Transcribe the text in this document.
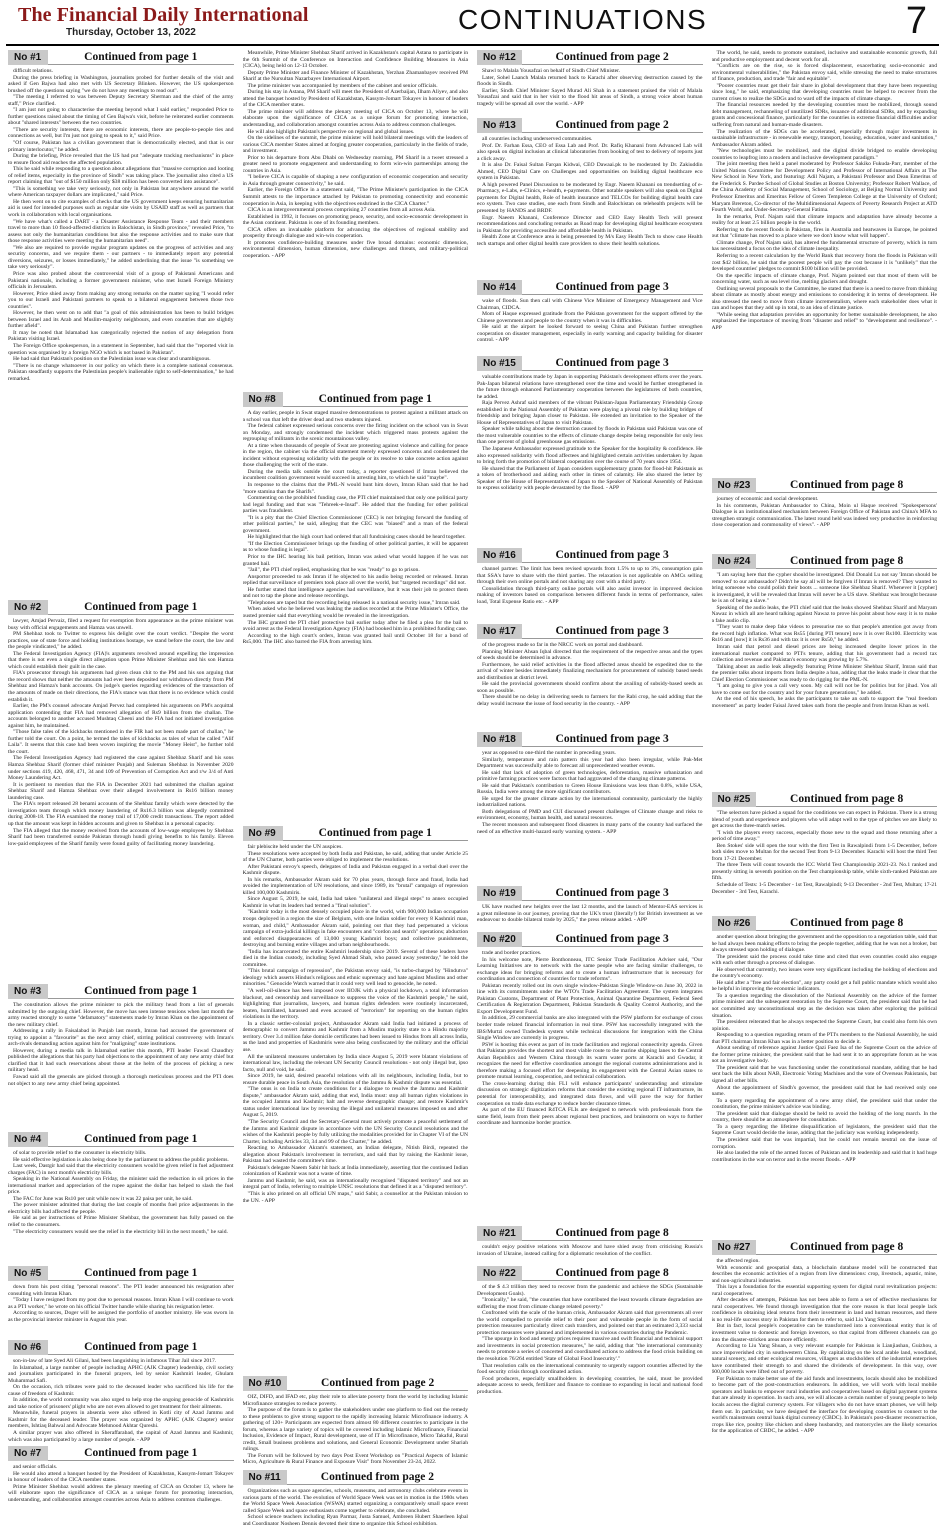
The Financial Daily International
Thursday, October 13, 2022	CONTINUATIONS	7
No #1	Continued from page 1

difficult relations.

During the press briefing in Washington, journalists probed for further details of the visit and asked if Gen Bajwa had also met with US Secretary Blinken. However, the US spokesperson brushed off the questions saying "we do not have any meetings to read out".

"The meeting I referred to was between Deputy Secretary Sherman and the chief of the army staff," Price clarified.

"I am just not going to characterise the meeting beyond what I said earlier," responded Price to further questions raised about the timing of Gen Bajwa's visit, before he reiterated earlier comments about "shared interests" between the two countries.

"There are security interests, there are economic interests, there are people-to-people ties and connections as well, but I'm just not going to speak to it," said Price.

"Of course, Pakistan has a civilian government that is democratically elected, and that is our primary interlocutor," he added.

During the briefing, Price revealed that the US had put "adequate tracking mechanisms" in place to ensure flood aid reaches the affected population.

This he said while responding to a question about allegations that "massive corruption and looting of relief items, especially in the province of Sindh" was taking place. The journalist also cited a US report claiming that "out of $150 million only $38 million has been converted into assistance".

"This is something we take very seriously, not only in Pakistan but anywhere around the world where American taxpayer dollars are implicated," said Price.

He then went on to cite examples of checks that the US government keeps ensuring humanitarian aid is used for intended purposes such as regular site visits by USAID staff as well as partners that work in collaboration with local organisations.

"We have what's called a DART - a Disaster Assistance Response Team - and their members travel to more than 10 flood-affected districts in Balochistan, in Sindh province," revealed Price, "to assess not only the humanitarian conditions but also the response activities and to make sure that those response activities were meeting the humanitarian need".

"We also are required to provide regular program updates on the progress of activities and any security concerns, and we require them - our partners - to immediately report any potential diversions, seizures, or losses immediately," he added underlining that the issue "is something we take very seriously".

Price was also probed about the controversial visit of a group of Pakistani Americans and Pakistani nationals, including a former government minister, who met Israeli Foreign Ministry officials in Jerusalem.

However, Price shied away from making any strong remarks on the matter saying "I would refer you to our Israeli and Pakistani partners to speak to a bilateral engagement between those two countries".

However, he then went on to add that "a goal of this administration has been to build bridges between Israel and its Arab and Muslim-majority neighbours, and even countries that are slightly further afield".

It may be noted that Islamabad has categorically rejected the notion of any delegation from Pakistan visiting Israel.

The Foreign Office spokesperson, in a statement in September, had said that the "reported visit in question was organised by a foreign NGO which is not based in Pakistan".

He had said that Pakistan's position on the Palestinian issue was clear and unambiguous.

"There is no change whatsoever in our policy on which there is a complete national consensus. Pakistan steadfastly supports the Palestinian people's inalienable right to self-determination," he had remarked.

No #2	Continued from page 1

lawyer, Amjad Pervaiz, filed a request for exemption from appearance as the prime minister was busy with official engagements and Hamza was unwell.

PM Shehbaz took to Twitter to express his delight over the court verdict. "Despite the worst practices, use of state force and holding institutions hostage, we stand before the court, the law and the people vindicated," he added.

The Federal Investigation Agency (FIA)'s arguments revolved around expelling the impression that there is not even a single direct allegation upon Prime Minister Shehbaz and his son Hamza which could establish their guilt in the case.

FIA's prosecutor through his arguments had given clean chit to the PM and his son arguing that the record shows that neither the amounts had ever been deposited nor withdrawn directly from PM Shehbaz and Hamza's bank accounts. On judge's queries regarding evidences of the transaction of the amounts of made on their directions, the FIA's stance was that there is no evidence which could establish it.

Earlier, the PM's counsel advocate Amjad Pervez had completed his arguments on PM's acquittal application contending that FIA had removed allegation of Rs9 billion from the challan. The accounts belonged to another accused Mushtaq Cheeni and the FIA had not initiated investigation against him, he maintained.

"Those false tales of the kickbacks mentioned in the FIR had not been made part of challan," he further told the court. On a point, he termed the tales of kickbacks as tales of what he called "Alif Laila". It seems that this case had been woven inspiring the movie "Money Heist", he further told the court.

The Federal Investigation Agency had registered the case against Shehbaz Sharif and his sons Hamza Shehbaz Sharif (former chief minister Punjab) and Suleman Shehbaz in November 2020 under sections 419, 420, 468, 471, 34 and 109 of Prevention of Corruption Act and r/w 3/4 of Anti Money Laundering Act.

It is pertinent to mention that the FIA in December 2021 had submitted the challan against Shehbaz Sharif and Hamza Shehbaz over their alleged involvement in Rs16 billion money laundering case.

The FIA's report released 28 benami accounts of the Shehbaz family which were detected by the investigation team through which money laundering of Rs16.3 billion was allegedly committed during 2008-18. The FIA examined the money trail of 17,000 credit transactions. The report added up that the amount was kept in hidden accounts and given to Shehbaz in a personal capacity.

The FIA alleged that the money received from the accounts of low-wage employees by Shehbaz Sharif had been transferred outside Pakistan through hundi giving benefits to his family. Eleven low-paid employees of the Sharif family were found guilty of facilitating money laundering.

No #3	Continued from page 1

The constitution allows the prime minister to pick the military head from a list of generals submitted by the outgoing chief. However, the move has seen intense tensions when last month the army reacted strongly to some "defamatory" statements made by Imran Khan on the appointment of the new military chief.

Addressing a rally in Faisalabad in Punjab last month, Imran had accused the government of trying to appoint a "favourite" as the next army chief, stirring political controversy with Imran's arch-rivals demanding action against him for "maligning" state institutions.

However, during a media talk in Islamabad earlier this month, PTI leader Fawad Chaudhry published the allegations that his party had objections to the appointment of any new army chief but clarified that it had such reservations about those at the helm of the process of picking a new military head.

Fawad said all the generals are picked through a thorough meticulous process and the PTI does not object to any new army chief being appointed.

No #4	Continued from page 1

of solar to provide relief to the consumer in electricity bills.

He said effective legislation is also being done by the parliament to address the public problems.

Last week, Dastgir had said that the electricity consumers would be given relief in fuel adjustment charges (FAC) in next month's electricity bills.

Speaking in the National Assembly on Friday, the minister said the reduction in oil prices in the international market and appreciation of the rupee against the dollar has helped to slash the fuel price.

The FAC for June was Rs10 per unit while now it was 22 paisa per unit, he said.

The power minister admitted that during the last couple of months fuel price adjustments in the electricity bills had affected the people.

He said as per instructions of Prime Minister Shehbaz, the government has fully passed on the relief to the consumers.

"The electricity consumers would see the relief in the electricity bill in the next month," he said.

No #5	Continued from page 1

down from his post citing "personal reasons". The PTI leader announced his resignation after consulting with Imran Khan.

"Today I have resigned from my post due to personal reasons. Imran Khan I will continue to work as a PTI worker," he wrote on his official Twitter handle while sharing his resignation letter.

According to sources, Doger will be assigned the portfolio of another ministry. He was sworn in as the provincial interior minister in August this year.

No #6	Continued from page 1

son-in-law of late Syed Ali Gilani, had been languishing in infamous Tihar Jail since 2017.

In Islamabad, a large number of people including APHC (AJK Chapter) leadership, civil society and journalists participated in the funeral prayers, led by senior Kashmiri leader, Ghulam Muhammad Safi.

On the occasion, rich tributes were paid to the deceased leader who sacrificed his life for the cause of freedom of Kashmir.

In addition, the world community was also urged to help stop the ongoing genocide of Kashmiris and take notice of prisoners' plight who are not even allowed to get treatment for their ailments.

Meanwhile, funeral prayers in absentia were also offered in Kotli city of Azad Jammu and Kashmir for the deceased leader. The prayer was organized by APHC (AJK Chapter) senior members, Ishtiaq Bahwal and Advocate Mehmood Akhtar Qureshi.

A similar prayer was also offered in Sheraffarabad, the capital of Azad Jammu and Kashmir, which was also participated by a large number of people. - APP

No #7	Continued from page 1

and senior officials.

He would also attend a banquet hosted by the President of Kazakhstan, Kassym-Jomart Tokayev in honour of leaders of the CICA member states.

Prime Minister Shehbaz would address the plenary meeting of CICA on October 13, where he will elaborate upon the significance of CICA as a unique forum for promoting interaction, understanding, and collaboration amongst countries across Asia to address common challenges.

Meanwhile, Prime Minister Shehbaz Sharif arrived in Kazakhstan's capital Astana to participate in the 6th Summit of the Conference on Interaction and Confidence Building Measures in Asia (CICA), being held on 12-13 October.

Deputy Prime Minister and Finance Minister of Kazakhstan, Yerzhan Zhamanbayev received PM Sharif at the Nursultan Nazarbayev International Airport.

The prime minister was accompanied by members of the cabinet and senior officials.

During his stay in Astana, PM Sharif will meet the President of Azerbaijan, Ilham Aliyev, and also attend the banquet hosted by President of Kazakhstan, Kassym-Jomart Tokayev in honour of leaders of the CICA member states.

The prime minister will address the plenary meeting of CICA on October 13, where he will elaborate upon the significance of CICA as a unique forum for promoting interaction, understanding, and collaboration amongst countries across Asia to address common challenges.

He will also highlight Pakistan's perspective on regional and global issues.

On the sidelines of the summit, the prime minister will hold bilateral meetings with the leaders of various CICA member States aimed at forging greater cooperation, particularly in the fields of trade, and investment.

Prior to his departure from Abu Dhabi on Wednesday morning, PM Sharif in a tweet stressed a greater need to promote engagement and understanding to form win-win partnerships among the countries in Asia.

"I believe CICA is capable of shaping a new configuration of economic cooperation and security in Asia through greater connectivity," he said.

Earlier, the Foreign Office in a statement said, "The Prime Minister's participation in the CICA Summit attests to the importance attached by Pakistan to promoting connectivity and economic cooperation in Asia, in keeping with the objectives enshrined in the CICA Charter."

CICA is an intergovernmental process comprising 27 countries from all across Asia.

Established in 1992, it focuses on promoting peace, security, and socio-economic development in the Asian continent. Pakistan is one of its founding members.

CICA offers an invaluable platform for advancing the objectives of regional stability and prosperity through dialogue and win-win cooperation.

It promotes confidence-building measures under five broad domains: economic dimension, environmental dimension, human dimension, new challenges and threats, and military-political cooperation. - APP

No #8	Continued from page 1

A day earlier, people in Swat staged massive demonstrations to protest against a militant attack on a school van that left the driver dead and two students injured.

The federal cabinet expressed serious concerns over the firing incident on the school van in Swat on Monday, and strongly condemned the incident which triggered mass protests against the regrouping of militants in the scenic mountainous valley.

At a time when thousands of people of Swat are protesting against violence and calling for peace in the region, the cabinet via the official statement merely expressed concerns and condemned the incident without expressing solidarity with the people or its resolve to take concrete action against those challenging the writ of the state.

During the media talk outside the court today, a reporter questioned if Imran believed the incumbent coalition government would succeed in arresting him, to which he said "maybe".

In response to the claims that the PML-N would hunt him down, Imran Khan said that he had "more stamina than the Sharifs".

Commenting on the prohibited funding case, the PTI chief maintained that only one political party had legal funding and that was "Tehreek-e-Insaf". He added that the funding for other political parties was fraudulent.

"It is a pity that the Chief Election Commissioner (CEC) is not bringing forward the funding of other political parties," he said, alleging that the CEC was "biased" and a man of the federal government.

He highlighted that the high court had ordered that all fundraising cases should be heard together.

"If the Election Commissioner brings up the funding of other political parties, it will be apparent as to whose funding is legal".

Prior to the IHC hearing his bail petition, Imran was asked what would happen if he was not granted bail.

"Jail", the PTI chief replied, emphasising that he was "ready" to go to prison.

Ansportor proceeded to ask Imran if he objected to his audio being recorded or released. Imran replied that surveillance of premiers took place all over the world, but "targeted recordings" did not.

He further stated that intelligence agencies had surveillance, but it was their job to protect them and not to tap the phone and release recordings.

"Telephones are taped but the recording being released is a national security issue," Imran said.

When asked who he believed was leaking the audios recorded at the Prime Minister's Office, the ousted premier said that everything would be revealed in the investigation.

The IHC granted the PTI chief protective bail earlier today after he filed a plea for the bail to avoid arrest as the Federal Investigation Agency (FIA) had booked him in a prohibited funding case.

According to the high court's orders, Imran was granted bail until October 18 for a bond of Rs5,000. The IHC also barred the FIA from arresting him.

No #9	Continued from page 1

fair plebiscite held under the UN auspices.

These resolutions were accepted by both India and Pakistan, he said, adding that under Article 25 of the UN Charter, both parties were obliged to implement the resolutions.

After Pakistani envoy's speech, delegates of India and Pakistan engaged in a verbal duel over the Kashmir dispute.

In his remarks, Ambassador Akram said for 70 plus years, through force and fraud, India had avoided the implementation of UN resolutions, and since 1989, its "brutal" campaign of repression killed 100,000 Kashmiris.

Since August 5, 2019, he said, India had taken "unilateral and illegal steps" to annex occupied Kashmir in what its leaders had termed a "final solution".

"Kashmir today is the most densely occupied place in the world, with 900,000 Indian occupation troops deployed in a region the size of Belgium, with one Indian soldier for every 8 Kashmiri man, woman, and child," Ambassador Akram said, pointing out that they had perpetuated a vicious campaign of extra-judicial killings in fake encounters and "cordon and search" operations; abduction and enforced disappearances of 13,000 young Kashmiri boys; and collective punishments, destroying and burning entire villages and urban neighbourhoods.

"India has incarcerated the entire Kashmiri leadership since 2019. Several of these leaders have died in the Indian custody, including Syed Ahmad Shah, who passed away yesterday," he told the committee.

"This brutal campaign of repression", the Pakistan envoy said, "is turbo-charged by "Hindutva" ideology which asserts Hindus's religious and ethnic supremacy and hate against Muslims and other minorities." Genocide Watch warned that it could very well lead to genocide, he noted.

"A well-oil-silence has been imposed over IIOJK with a physical lockdown, a total information blackout, and censorship and surveillance to suppress the voice of the Kashmiri people," he said, highlighting that journalists, lawyers, and human rights defenders were routinely incarcerated, beaten, humiliated, harassed and even accused of "terrorism" for reporting on the human rights violations in the territory.

In a classic settler-colonial project, Ambassador Akram said India had initiated a process of demographic to convert Jammu and Kashmir from a Muslim majority state to a Hindu majority territory. Over 3.4 million fake domicile certificates had been issued to Hindus from all across India, as the land and properties of Kashmiris were also being confiscated by the military and the official use.

All the unilateral measures undertaken by India since August 5, 2019 were blatant violations of international law, including the relevant UN Security Council resolutions - not only illegal but, ipso facto, null and void, he said.

Since 2019, he said, desired peaceful relations with all its neighbours, including India, but to ensure durable peace in South Asia, the resolution of the Jammu & Kashmir dispute was essential.

"The onus is on India to create conditions for a dialogue to resolve the Jammu and Kashmir dispute," ambassador Akram said, adding that end, India must: stop all human rights violations in the occupied Jammu and Kashmir; halt and reverse demographic change; and restore Kashmir's status under international law by reversing the illegal and unilateral measures imposed on and after August 5, 2019.

"The Security Council and the Secretary-General must actively promote a peaceful settlement of the Jammu and Kashmir dispute in accordance with the UN Security Council resolutions and the wishes of the Kashmiri people by fully utilizing the modalities provided for in Chapter VI of the UN Charter, including Articles 33, 34 and 99 of the Charter," he added.

Reacting to Ambassador Akram's statement, an Indian delegate, Nitish Birdi, repeated the allegation about Pakistan's involvement in terrorism, and said that by raising the Kashmir issue, Pakistan had wasted the committee's time.

Pakistan's delegate Naeem Sabir hit back at India immediately, asserting that the continued Indian colonization of Kashmir was not a waste of time.

Jammu and Kashmir, he said, was an internationally recognised "disputed territory" and not an integral part of India, referring to multiple UNSC resolutions that defined it as a "disputed territory".

"This is also printed on all official UN maps," said Sabir, a counsellor at the Pakistan mission to the UN. - APP

No #10	Continued from page 2

OIZ, DIFD, and IFAD etc, play their role to alleviate poverty from the world by including Islamic Microfinance strategies to reduce poverty.

The purpose of the forum is to gather the stakeholders under one platform to find out the remedy to these problems to give strong support to the rapidly increasing Islamic Microfinance industry. A gathering of 120+ Participants are expected from almost 80 different countries to participate in the forum, whereas a large variety of topics will be covered including Islamic Microfinance, Financial Inclusion, Evidence of Impact, Rural development, use of IT in Microfinance, Micro Takaful, Rural credit, Small business problems and solutions, and General Economic Development under Shariah rulings.

The Forum will be followed by two days Post Event Workshop on "Practical Aspects of Islamic Micro, Agriculture & Rural Finance and Exposure Visit" from November 23-24, 2022.

No #11	Continued from page 2

Organizations such as space agencies, schools, museums, and astronomy clubs celebrate events in various parts of the world. The evolution of World Space Week was set in motion in the 1980s when the World Space Week Association (WSWA) started organizing a comparatively small space event called Space Week and space enthusiasts come together to celebrate, she concluded.

School science teachers including Ryan Parmar, Justa Samuel, Ambreen Hubert Shaerleen Iqbal and Coordinator Nosheen Dennis devoted their time to organize this School exhibition.

No #12	Continued from page 2

Shawl to Malala Yousafzai on behalf of Sindh Chief Minister.

Later, Sohel Laanch Malala returned back to Karachi after observing destruction caused by the floods in Sindh.

Earlier, Sindh Chief Minister Sayed Murad Ali Shah in a statement praised the visit of Malala Yousafzai and said that in her visit to the flood hit areas of Sindh, a strong voice about human tragedy will be spread all over the world. - APP

No #13	Continued from page 2

all countries including underserved communities.

Prof. Dr. Farhan Essa, CEO of Essa Lab and Prof. Dr. Rafiq Khanani from Advanced Lab will also speak on digital inclusion at clinical laboratories from booking of test to delivery of reports just a click away.

It is also Dr. Faisal Sultan Farqan Kidwai, CEO Dawaai.pk to be moderated by Dr. Zakiuddin Ahmed, CEO Digital Care on Challenges and opportunities on building digital healthcare eco system in Pakistan.

A high powered Panel Discussion to be moderated by Engr. Naeem Khanani on trendsetting of e-Pharmacy, e-Labs, e-Clinics, e-health, e-payments. Other notable speakers will also speak on Digital payments for Digital health, Role of health insurance and TELCOs for building digital health care eco system. Two case studies, one each from Sindh and Balochistan on telehealth projects will be presented by HANDS and BRDF.

Engr. Naeem Khanani, Conference Director and CEO Easy Health Tech will present recommendations and concluding remarks as Road map for developing digital healthcare ecosystem in Pakistan for providing accessible and affordable health in Pakistan.

Health Zone at Conference area is being presented by M/s Easy Health Tech to show case Health tech startups and other digital health care providers to show their health solutions.

No #14	Continued from page 3

wake of floods. Sun then call with Chinese Vice Minister of Emergency Management and Vice Chairman, CIDCA.

Mom of Haque expressed gratitude from the Pakistan government for the support offered by the Chinese government and people to the country when it was in difficulties.

He said at the airport he looked forward to seeing China and Pakistan further strengthen cooperation on disaster management, especially in early warning and capacity building for disaster control. - APP

No #15	Continued from page 3

valuable contributions made by Japan in supporting Pakistan's development efforts over the years. Pak-Japan bilateral relations have strengthened over the time and would be further strengthened in the future through enhanced Parliamentary cooperation between the legislatures of both countries, he added.

Raja Pervez Ashraf said members of the vibrant Pakistan-Japan Parliamentary Friendship Group established in the National Assembly of Pakistan were playing a pivotal role by building bridges of friendship and bringing Japan closer to Pakistan. He extended an invitation to the Speaker of the House of Representatives of Japan to visit Pakistan.

Speaker while talking about the destruction caused by floods in Pakistan said Pakistan was one of the most vulnerable countries to the effects of climate change despite being responsible for only less than one percent of global greenhouse gas emissions.

The Japanese Ambassador expressed gratitude to the Speaker for the hospitality & confidence. He also expressed solidarity with flood affectees and highlighted certain activities undertaken by Japan to bring forth the promotion of bilateral cooperation over the course of 70 years since 1954.

He shared that the Parliament of Japan considers supplementary grants for flood-hit Pakistanis as a token of brotherhood and aiding each other in times of calamity. He also shared the letter by Speaker of the House of Representatives of Japan to the Speaker of National Assembly of Pakistan to express solidarity with people devastated by the flood. - APP

No #16	Continued from page 3

channel partner. The limit has been revised upwards from 1.5% to up to 3%, consumption gain that SSA's have to share with the third parties. The relaxation is not applicable on AMCs selling through their own online portals and not sharing any cost with a third party.

Consolidation through third-party online portals will also assist investor in improved decision making of investors based on comparison between different funds in terms of performance, sales load, Total Expense Ratio etc. - APP

No #17	Continued from page 3

of the progress made so far in the NRCC work on portal and dashboard.

Planning Minister Ahsan Iqbal directed that the requirement of the respective areas and the types of seeds should be determined in advance.

Furthermore, he said relief activities in the flood affected areas should be expedited due to the arrival of winter besides immediately finalizing mechanism for procurement of subsidy based seeds and distribution at district level.

He said the provincial governments should confirm about the availing of subsidy-based seeds as soon as possible.

There should be no delay in delivering seeds to farmers for the Rabi crop, he said adding that the delay would increase the issue of food security in the country. - APP

No #18	Continued from page 3

year as opposed to one-third the number in preceding years.

Similarly, temperature and rain pattern this year had also been irregular, while Pak-Met Department was successfully able to forecast all unprecedented weather events.

He said that lack of adoption of green technologies, deforestation, massive urbanization and primitive farming practices were factors that had aggravated of the changing climate patterns.

He said that Pakistan's contribution to Green House Emissions was less than 0.8%, while USA, Russia, India were among the more significant contributors.

He urged for the greater climate action by the international community, particularly the highly industrialized nations.

Both delegations of PMD and CUI discussed present challenges of Climate change and risks to environment, economy, human health, and natural resources.

The recent monsoon and subsequent flood disasters in many parts of the country had surfaced the need of an effective multi-hazard early warning system. - APP

No #19	Continued from page 3

UK have reached new heights over the last 12 months, and the launch of Mentor-EAS services is a great milestone in our journey, proving that the UK's trust (literally!) for British investment as we endeavour to double bilateral trade by 2025," the press release added. - APP

No #20	Continued from page 3

trade and border practices.

In his welcome note, Pierre Bonthonneau, ITC Senior Trade Facilitation Adviser said, "Our Learning Initiatives are to network with the same people who are facing similar challenges, to exchange ideas for bringing reforms and to create a human infrastructure that is necessary for coordination and connection of countries for trade reforms".

Pakistan recently rolled out its own single window-Pakistan Single Window-on June 30, 2022 in line with its commitments under the WTO's Trade Facilitation Agreement. The system integrates Pakistan Customs, Department of Plant Protection, Animal Quarantine Department, Federal Seed Certification & Registration Department, Pakistan Standards & Quality Control Authority, and the Export Development Fund.

In addition, 29 commercial banks are also integrated with the PSW platform for exchange of cross border trade related financial information in real time. PSW has successfully integrated with the IBS/Murtzi owned Tradedesk system while technical discussions for integration with the China Single Window are currently in progress.

PSW is hosting this event as part of its trade facilitation and regional connectivity agenda. Given that Pakistan provides the shortest and most viable route to the marine shipping lanes to the Central Asian Republics and Western China through its warm water ports at Karachi and Gwadar, it recognizes the need for effective coordination amongst the regional customs administrations and is therefore making a focused effort for deepening its engagement with the Central Asian states to promote mutual learning, cooperation, and technical collaboration.

The cross-learning during this FLI will enhance participants' understanding and stimulate discussion on strategic digitization reforms that consider the existing regional IT infrastructure, its potential for interoperability, and integrated data flows, and will pave the way for further cooperation on trade data exchange to reduce border clearance times.

As part of the EU financed R4TCA FLIs are designed to network with professionals from the same field, learn from their peers about regional best practices, and brainstorm on ways to further coordinate and harmonize border practice.

No #21	Continued from page 8

couldn't enjoy positive relations with Moscow and have shied away from criticising Russia's invasion of Ukraine, instead calling for a diplomatic resolution of the conflict.

No #22	Continued from page 8

of the $ 4.3 trillion they need to recover from the pandemic and achieve the SDGs (Sustainable Development Goals).

"Ironically," he said, "the countries that have contributed the least towards climate degradation are suffering the most from climate change related poverty."

Confronted with the scale of the human crisis, Ambassador Akram said that governments all over the world compelled to provide relief to their poor and vulnerable people in the form of social protection measures particularly direct cash transfers, and pointed out that an estimated 3,333 social protection measures were planned and implemented in various countries during the Pandemic.

"The upsurge in food and energy prices requires massive and swift financial and technical support and investments in social protection measures," he said, adding that "the international community needs to promote a series of concerted and coordinated actions to address the food crisis building on the resolution 76/264 entitled 'State of Global Food Insecurity'."

That resolution calls on the international community to urgently support countries affected by the food security crisis through coordinated action.

Food producers, especially smallholders in developing countries, he said, must be provided adequate access to seeds, fertilizer and finance to continue to expanding in local and national food production.

The world, he said, needs to promote sustained, inclusive and sustainable economic growth, full and productive employment and decent work for all.

"Conflicts are on the rise, so is forced displacement, exacerbating socio-economic and environmental vulnerabilities," the Pakistan envoy said, while stressing the need to make structures of finance, production, and trade "fair and equitable".

"Poorer countries must get their fair share in global development that they have been requesting since long," he said, emphasizing that developing countries must be helped to recover from the current crises to realize the SDGs and to ward off the impacts of climate change.

The financial resources needed by the developing countries must be mobilized, through sound debt management, rechanneling of unutilized SDRs, issuance of additional SDRs, and by expanding grants and concessional finance, particularly for the countries in extreme financial difficulties and/or suffering from natural and human-made disasters.

The realization of the SDGs can be accelerated, especially through major investments in sustainable infrastructure - in renewable energy, transport, housing, education, water and sanitation," Ambassador Akram added.

"New technologies must be mobilized, and the digital divide bridged to enable developing countries to leapfrog into a modern and inclusive development paradigm."

The joint meeting then held a panel moderated by Professor Sakiko Fukuda-Parr, member of the United Nations Committee for Development Policy and Professor of International Affairs at The New School in New York, and featuring: Adil Najam, a Pakistani Professor and Dean Emeritus of the Frederick S. Pardee School of Global Studies at Boston University; Professor Robert Wallace, of the China Academy of Social Management, School of Sociology, at Beijing Normal University and Professor Emeritus and Emeritus Fellow of Green Templeton College at the University of Oxford; Maryam Brereton, Co-director of the Multidimensional Aspects of Poverty Research Project at ATD Fourth World, and Under-Secretary-General Fatima.

In the remarks, Prof. Najam said that climate impacts and adaptation have already become a reality for at least 2.5 billion people in the world.

Referring to the recent floods in Pakistan, fires in Australia and heatwaves in Europe, he pointed out that "climate has moved to a place where we don't know what will happen".

Climate change, Prof Najam said, has altered the fundamental structure of poverty, which in turn has necessitated a focus on the idea of climate inequality.

Referring to a recent calculation by the World Bank that recovery from the floods in Pakistan will cost $42 billion, he said that the poorest people will pay the cost because it is "unlikely" that the developed countries' pledges to commit $100 billion will be provided.

On the specific impacts of climate change, Prof. Najam pointed out that most of them will be concerning water, such as sea level rise, melting glaciers and drought.

Outlining several proposals to the Committee, he stated that there is a need to move from thinking about climate as mostly about energy and emissions to considering it in terms of development. He also stressed the need to move from climate incrementalism, where each stakeholder does what it can and hopes that they add up in total, to an idea of climate justice.

"While seeing that adaptation provides an opportunity for better sustainable development, he also emphasized the importance of moving from "disaster and relief" to "development and resilience". - APP

No #23	Continued from page 8

journey of economic and social development.

In his comments, Pakistan Ambassador to China, Moin ul Haque received "Spokespersons' Dialogue is an institutionalised mechanism between Foreign Office of Pakistan and China's MFA to strengthen strategic communication. The latest round held was indeed very productive in reinforcing close cooperation and commonality of views". - APP

No #24	Continued from page 8

"I am saying here that the cypher should be investigated. Did Donald Lu not say 'Imran should be removed' to our ambassador? Didn't he say all will be forgiven if Imran is removed? They wanted to bring someone who could polish their boots ... someone like Shehbaz Sharif. Whenever it [cypher] is investigated, it will be revealed that Imran will never be a US slave. Shehbaz was brought because he is an of being a slave."

Speaking of the audio leaks, the PTI chief said that the leaks showed Shehbaz Sharif and Maryam Nawaz in which all are heard talking against Nawaz to prove his point about how easy it is to make a fake audio clip.

"They want to make deep fake videos to pressurise me so that people's attention got away from the record high inflation. What was Rs55 [during PTI tenure] now it is over Rs100. Electricity was Rs16 and [now] it is Rs36 and with tax it is over Rs50," he added.

Imran said that petrol and diesel prices are being increased despite lower prices in the international market compared to PTI's tenure, adding that his government had a record tax collection and revenue and Pakistan's economy was growing by 5.7%.

Talking about an audio leak allegedly featuring Prime Minister Shehbaz Sharif, Imran said that the premier talks about imports from India despite a ban, adding that the leaks made it clear that the Chief Election Commissioner was ready to do rigging for the PML-N.

"I am going to give you a call very soon. My call will not be for politics but for jihad. You all have to come out for the country and for your future generations," he added.

At the end of his speech, he asks the participants to take an oath to support the "real freedom movement" as party leader Faisal Javed takes oath from the people and from Imran Khan as well.

No #25	Continued from page 8

"The selectors have picked a squad for the conditions we can expect in Pakistan. There is a strong blend of youth and experience and players who will adapt well to the type of pitches we are likely to get across the three-match series.

"I wish the players every success, especially those new to the squad and those returning after a period of time away."

Ben Stokes' side will open the tour with the first Test in Rawalpindi from 1-5 December, before both sides move to Multan for the second Test from 9-13 December. Karachi will host the third Test from 17-21 December.

The three Tests will count towards the ICC World Test Championship 2021-23. No.1 ranked and presently sitting in seventh position on the Test championship table, while sixth-ranked Pakistan are fifth.

Schedule of Tests: 1-5 December - 1st Test, Rawalpindi; 9-13 December - 2nd Test, Multan; 17-21 December - 3rd Test, Karachi.

No #26	Continued from page 8

another question about bringing the government and the opposition to a negotiation table, said that he had always been making efforts to bring the people together, adding that he was not a broker, but always stressed upon holding of dialogue.

The president said the process could take time and cited that even countries could also engage with each other through a process of dialogue.

He observed that currently, two issues were very significant including the holding of elections and the country's economy.

He said after a "free and fair election", any party could get a full public mandate which would also be helpful in improving the economic indicators.

To a question regarding the dissolution of the National Assembly on the advice of the former prime minister and the subsequent restoration by the Supreme Court, the president said that he had not committed any unconstitutional step as the decision was taken after exploring the political situation.

The president reiterated that he always respected the Supreme Court, but could also form his own opinion.

Responding to a question regarding return of the PTI's members to the National Assembly, he said that PTI chairman Imran Khan was in a better position to decide it.

About sending of reference against Justice Qazi Faez Isa of the Supreme Court on the advice of the former prime minister, the president said that he had sent it to an appropriate forum as he was not an investigative body.

The president said that he was functioning under the constitutional mandate, adding that he had sent back the bills about NAB, Electronic Voting Machines and the vote of Overseas Pakistanis, but signed all other bills.

About the appointment of Sindh's governor, the president said that he had received only one name.

To a query regarding the appointment of a new army chief, the president said that under the constitution, the prime minister's advice was binding.

The president said that dialogue should be held to avoid the holding of the long march. In the country, there should be an atmosphere for consultation.

To a query regarding the lifetime disqualification of legislators, the president said that the Supreme Court would decide the issue, adding that the judiciary was working independently.

The president said that he was impartial, but he could not remain neutral on the issue of corruption.

He also lauded the role of the armed forces of Pakistan and its leadership and said that it had huge contributions in the war on terror and in the recent floods. - APP

No #27	Continued from page 8

the affected region.

With economic and geospatial data, a blockchain database model will be constructed that describes the economic activities of a region from live dimensions: crop, livestock, aquatic, mine, and non-agricultural industries.

This lays a foundation for the essential supporting system for digital rural revitalization projects: rural cooperatives.

After decades of attempts, Pakistan has not been able to form a set of effective mechanisms for rural cooperatives. We found through investigation that the core reason is that local people lack confidence in obtaining ideal returns from their investment in land and human resources, and there is no real-life success story in Pakistan for them to refer to, said Liu Yang Shuan.

But in fact, local people's cooperative can be transformed into a conventional entity that is of investment value to domestic and foreign investors, so that capital from different channels can go into the disaster-stricken areas more efficiently.

According to Liu Yang Shuan, a very relevant example for Pakistan is Lianjiashan, Guizhou, a once impoverished city in southwestern China. By capitalizing on the local arable land, woodland, natural scenery, and other ecological resources, villagers as stockholders of the industrial enterprises have contributed their strength to and shared the dividends of development. In this way, over 600,000 locals were lifted out of poverty.

For Pakistan to make better use of the aid funds and investments, locals should also be mobilized to become part of the post-construction endeavors. In addition, we will work with local mobile operators and banks to empower rural industries and cooperatives based on digital payment systems that are already in operation. In such area, we will allocate a certain number of young people to help locals access the digital currency system. For villagers who do not have smart phones, we will help them out. In particular, we have designed the interface for developing countries to connect to the world's mainstream central bank digital currency (CBDC). In Pakistan's post-disaster reconstruction, crops like rice, poultry like chicken and sheep husbandry, and motorcycles are the likely scenarios for the application of CBDC, he added. - APP
